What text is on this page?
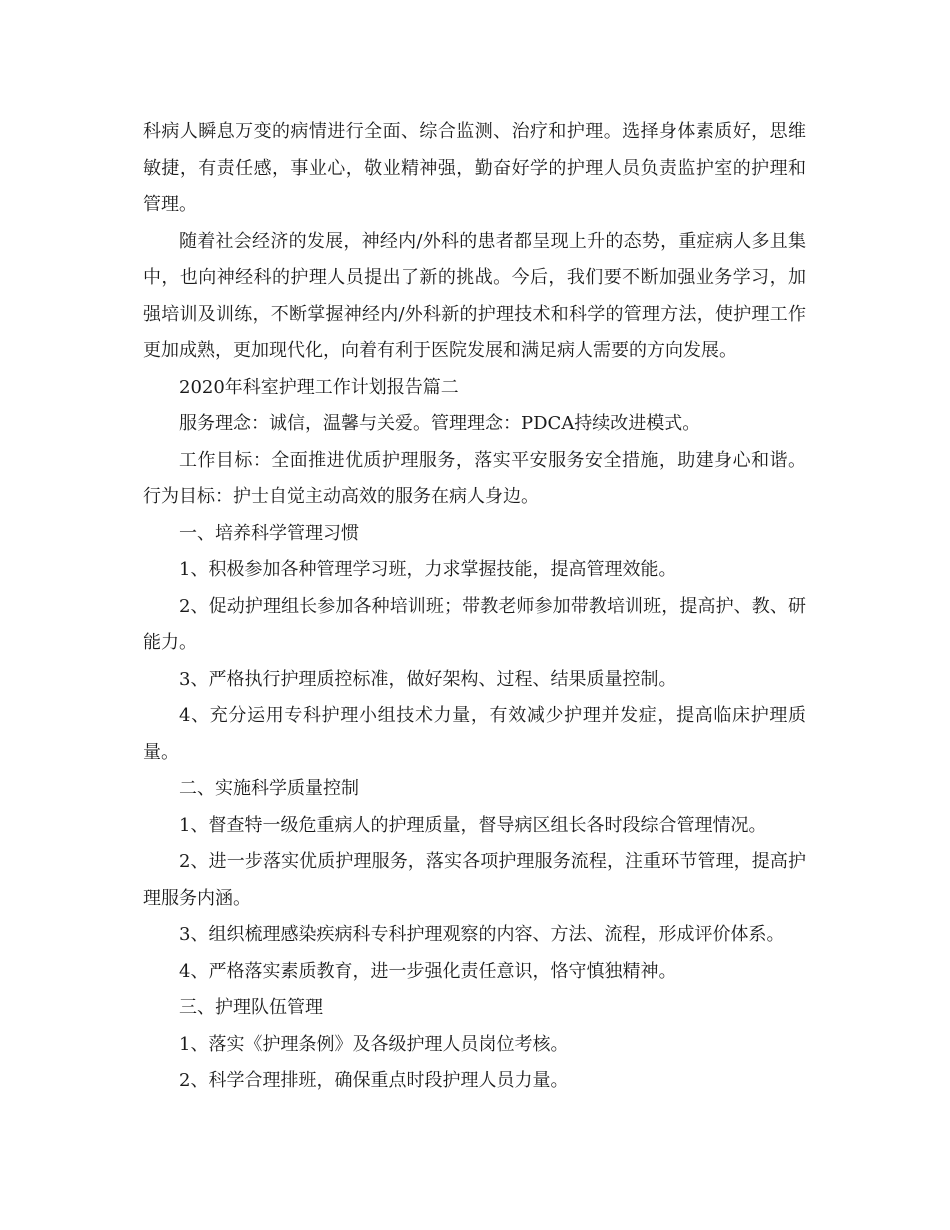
科病人瞬息万变的病情进行全面、综合监测、治疗和护理。选择身体素质好，思维敏捷，有责任感，事业心，敬业精神强，勤奋好学的护理人员负责监护室的护理和管理。

随着社会经济的发展，神经内/外科的患者都呈现上升的态势，重症病人多且集中，也向神经科的护理人员提出了新的挑战。今后，我们要不断加强业务学习，加强培训及训练，不断掌握神经内/外科新的护理技术和科学的管理方法，使护理工作更加成熟，更加现代化，向着有利于医院发展和满足病人需要的方向发展。

2020年科室护理工作计划报告篇二

服务理念：诚信，温馨与关爱。管理理念：PDCA持续改进模式。

工作目标：全面推进优质护理服务，落实平安服务安全措施，助建身心和谐。行为目标：护士自觉主动高效的服务在病人身边。

一、培养科学管理习惯

1、积极参加各种管理学习班，力求掌握技能，提高管理效能。

2、促动护理组长参加各种培训班；带教老师参加带教培训班，提高护、教、研能力。

3、严格执行护理质控标准，做好架构、过程、结果质量控制。

4、充分运用专科护理小组技术力量，有效减少护理并发症，提高临床护理质量。

二、实施科学质量控制

1、督查特一级危重病人的护理质量，督导病区组长各时段综合管理情况。

2、进一步落实优质护理服务，落实各项护理服务流程，注重环节管理，提高护理服务内涵。

3、组织梳理感染疾病科专科护理观察的内容、方法、流程，形成评价体系。

4、严格落实素质教育，进一步强化责任意识，恪守慎独精神。

三、护理队伍管理

1、落实《护理条例》及各级护理人员岗位考核。

2、科学合理排班，确保重点时段护理人员力量。
